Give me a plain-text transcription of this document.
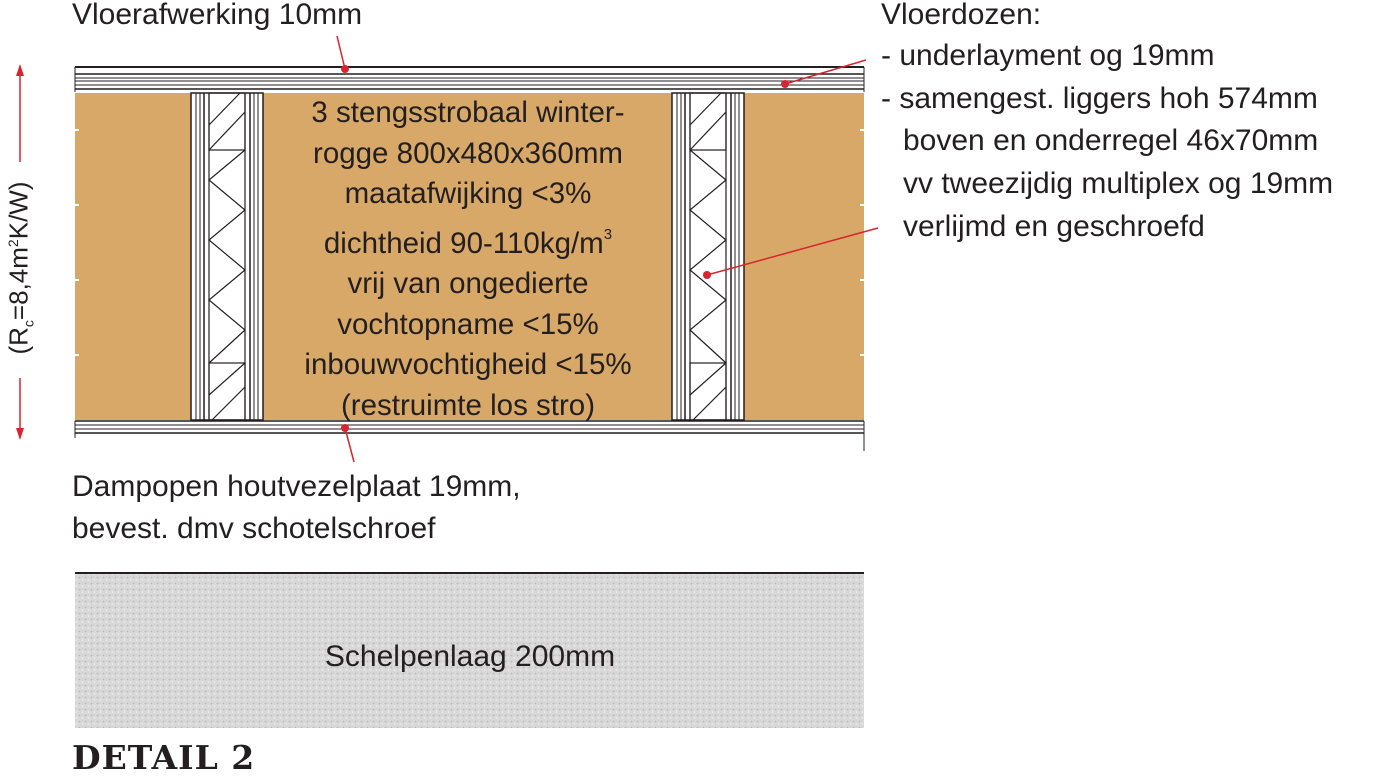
Vloerafwerking 10mm	Vloerdozen:
- underlayment og 19mm
- samengest. liggers hoh 574mm
boven en onderregel 46x70mm
vv tweezijdig multiplex og 19mm
verlijmd en geschroefd
3 stengsstrobaal winter-
rogge 800x480x360mm
maatafwijking <3%
dichtheid $90-110kg/m^3$
vrij van ongedierte
vochtopname <15%
inbouwvochtigheid <15%
(restruimte los stro)
Dampopen houtvezelplaat 19mm,
bevest. dmv schotelschroef
Schelpenlaag 200mm
$(R_c=8,4m^2K/W)$
DETAIL 2
